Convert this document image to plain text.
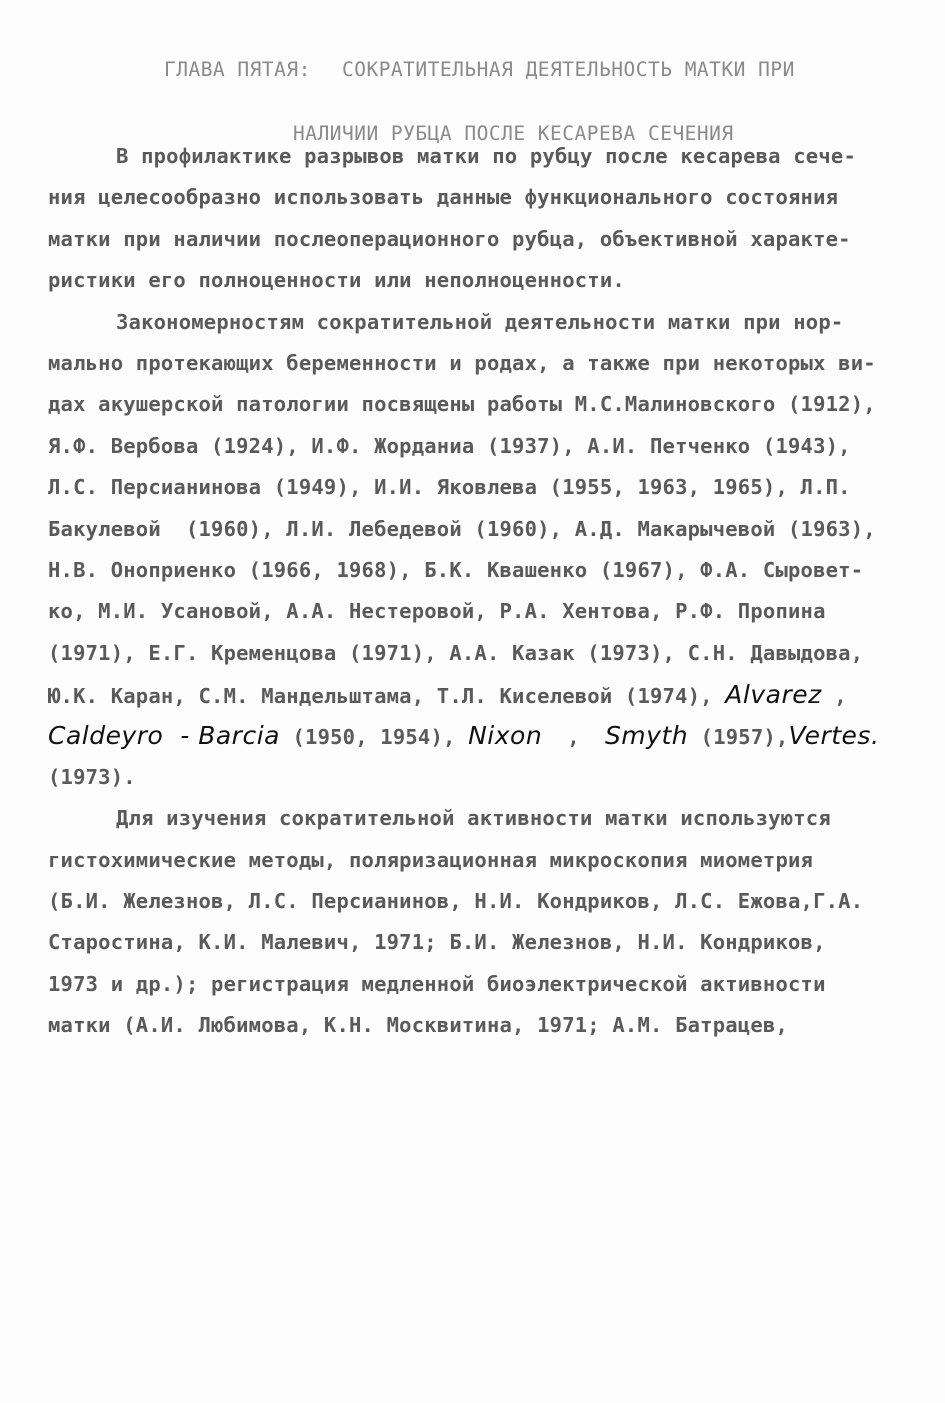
ГЛАВА ПЯТАЯ: СОКРАТИТЕЛЬНАЯ ДЕЯТЕЛЬНОСТЬ МАТКИ ПРИ

НАЛИЧИИ РУБЦА ПОСЛЕ КЕСАРЕВА СЕЧЕНИЯ

В профилактике разрывов матки по рубцу после кесарева сече-
ния целесообразно использовать данные функционального состояния
матки при наличии послеоперационного рубца, объективной характе-
ристики его полноценности или неполноценности.
Закономерностям сократительной деятельности матки при нор-
мально протекающих беременности и родах, а также при некоторых ви-
дах акушерской патологии посвящены работы М.С.Малиновского (1912),
Я.Ф. Вербова (1924), И.Ф. Жорданиа (1937), А.И. Петченко (1943),
Л.С. Персианинова (1949), И.И. Яковлева (1955, 1963, 1965), Л.П.
Бакулевой  (1960), Л.И. Лебедевой (1960), А.Д. Макарычевой (1963),
Н.В. Оноприенко (1966, 1968), Б.К. Квашенко (1967), Ф.А. Сыровет-
ко, М.И. Усановой, А.А. Нестеровой, Р.А. Хентова, Р.Ф. Пропина
(1971), Е.Г. Кременцова (1971), А.А. Казак (1973), С.Н. Давыдова,
Ю.К. Каран, С.М. Мандельштама, Т.Л. Киселевой (1974), Alvarez ,
Caldeyro  - Barcia (1950, 1954), Nixon  , Smyth (1957),Vertes.
(1973).
Для изучения сократительной активности матки используются
гистохимические методы, поляризационная микроскопия миометрия
(Б.И. Железнов, Л.С. Персианинов, Н.И. Кондриков, Л.С. Ежова,Г.А.
Старостина, К.И. Малевич, 1971; Б.И. Железнов, Н.И. Кондриков,
1973 и др.); регистрация медленной биоэлектрической активности
матки (А.И. Любимова, К.Н. Москвитина, 1971; А.М. Батрацев,
